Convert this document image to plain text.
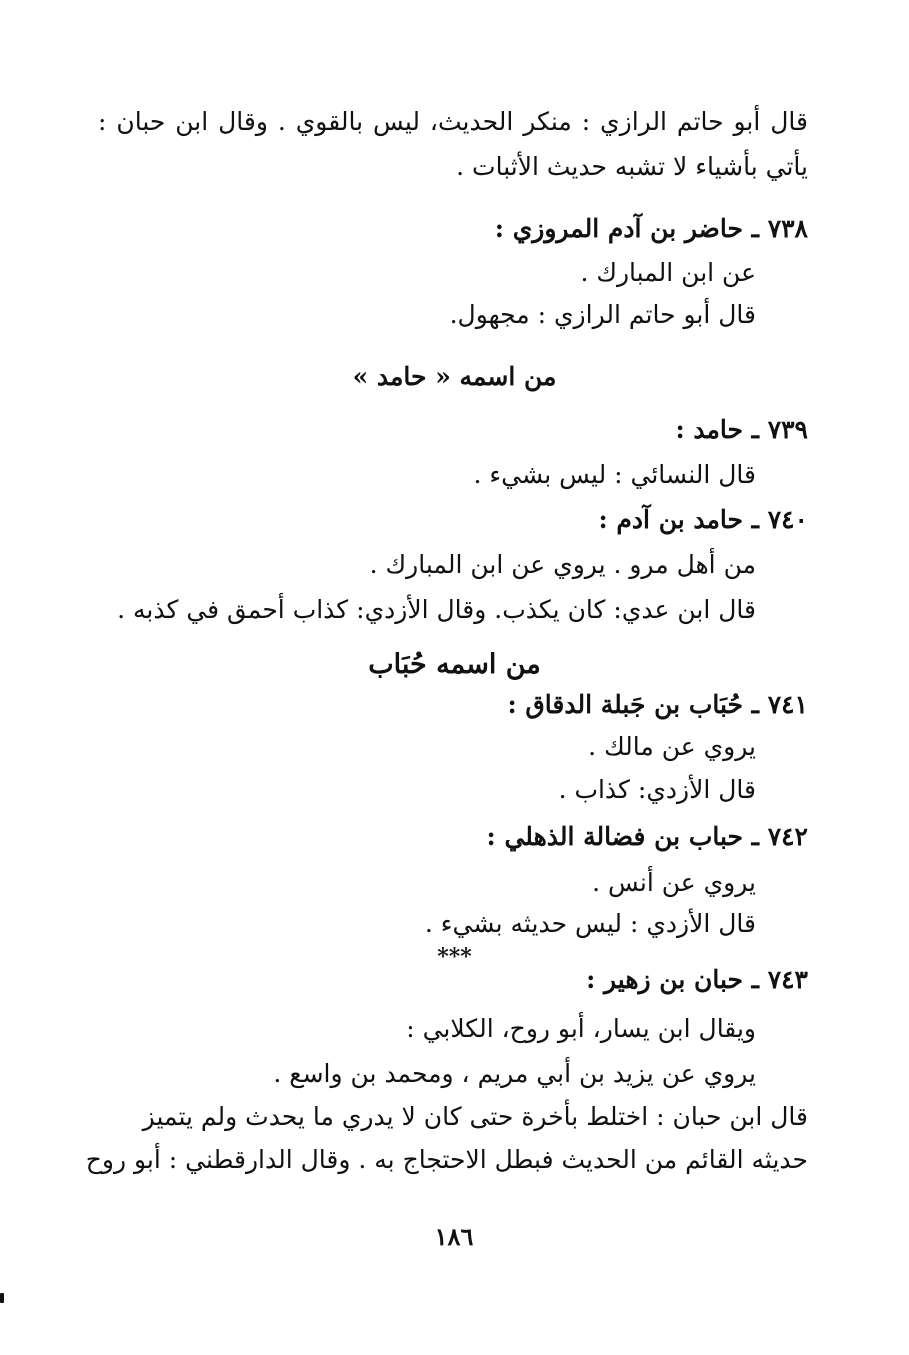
قال أبو حاتم الرازي : منكر الحديث، ليس بالقوي . وقال ابن حبان :
يأتي بأشياء لا تشبه حديث الأثبات .
٧٣٨ ـ حاضر بن آدم المروزي :
عن ابن المبارك .
قال أبو حاتم الرازي : مجهول.
من اسمه « حامد »
٧٣٩ ـ حامد :
قال النسائي : ليس بشيء .
٧٤٠ ـ حامد بن آدم :
من أهل مرو . يروي عن ابن المبارك .
قال ابن عدي: كان يكذب. وقال الأزدي: كذاب أحمق في كذبه .
من اسمه حُبَاب
٧٤١ ـ حُبَاب بن جَبلة الدقاق :
يروي عن مالك .
قال الأزدي: كذاب .
٧٤٢ ـ حباب بن فضالة الذهلي :
يروي عن أنس .
قال الأزدي : ليس حديثه بشيء .
***
٧٤٣ ـ حبان بن زهير :
ويقال ابن يسار، أبو روح، الكلابي :
يروي عن يزيد بن أبي مريم ، ومحمد بن واسع .
قال ابن حبان : اختلط بأخرة حتى كان لا يدري ما يحدث ولم يتميز
حديثه القائم من الحديث فبطل الاحتجاج به . وقال الدارقطني : أبو روح
١٨٦
